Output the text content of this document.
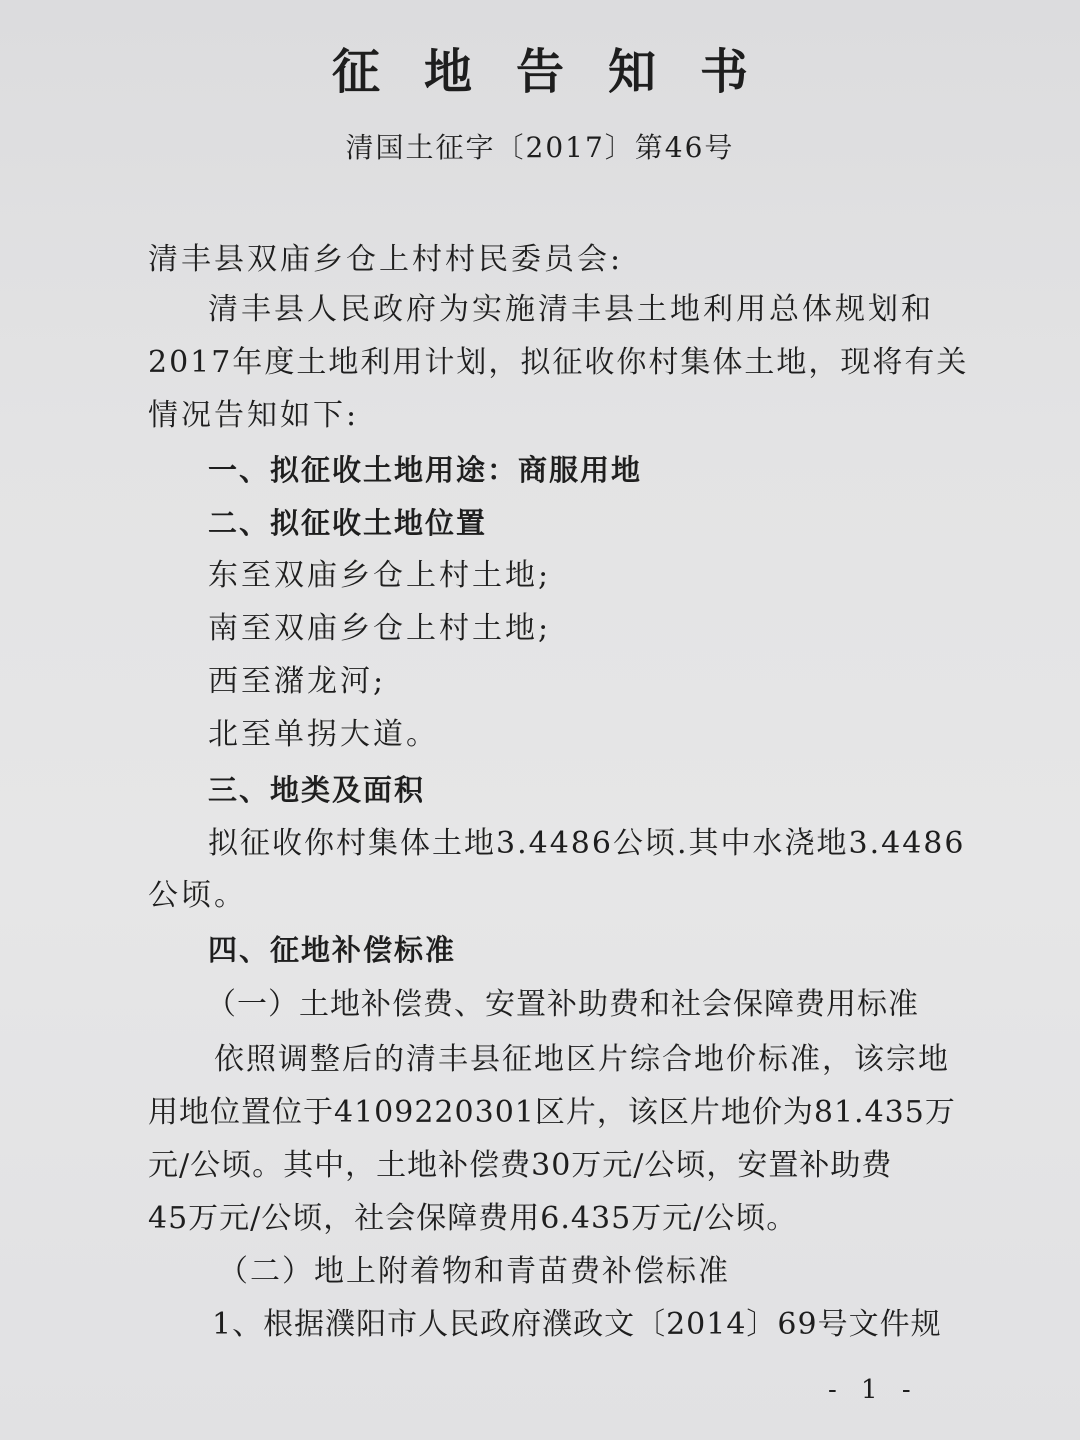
征地告知书
清国土征字〔2017〕第46号
清丰县双庙乡仓上村村民委员会:
清丰县人民政府为实施清丰县土地利用总体规划和
2017年度土地利用计划，拟征收你村集体土地，现将有关
情况告知如下:
一、拟征收土地用途：商服用地
二、拟征收土地位置
东至双庙乡仓上村土地;
南至双庙乡仓上村土地;
西至潴龙河;
北至单拐大道。
三、地类及面积
拟征收你村集体土地3.4486公顷.其中水浇地3.4486
公顷。
四、征地补偿标准
（一）土地补偿费、安置补助费和社会保障费用标准
依照调整后的清丰县征地区片综合地价标准，该宗地
用地位置位于4109220301区片，该区片地价为81.435万
元/公顷。其中，土地补偿费30万元/公顷，安置补助费
45万元/公顷，社会保障费用6.435万元/公顷。
（二）地上附着物和青苗费补偿标准
1、根据濮阳市人民政府濮政文〔2014〕69号文件规
- 1 -
